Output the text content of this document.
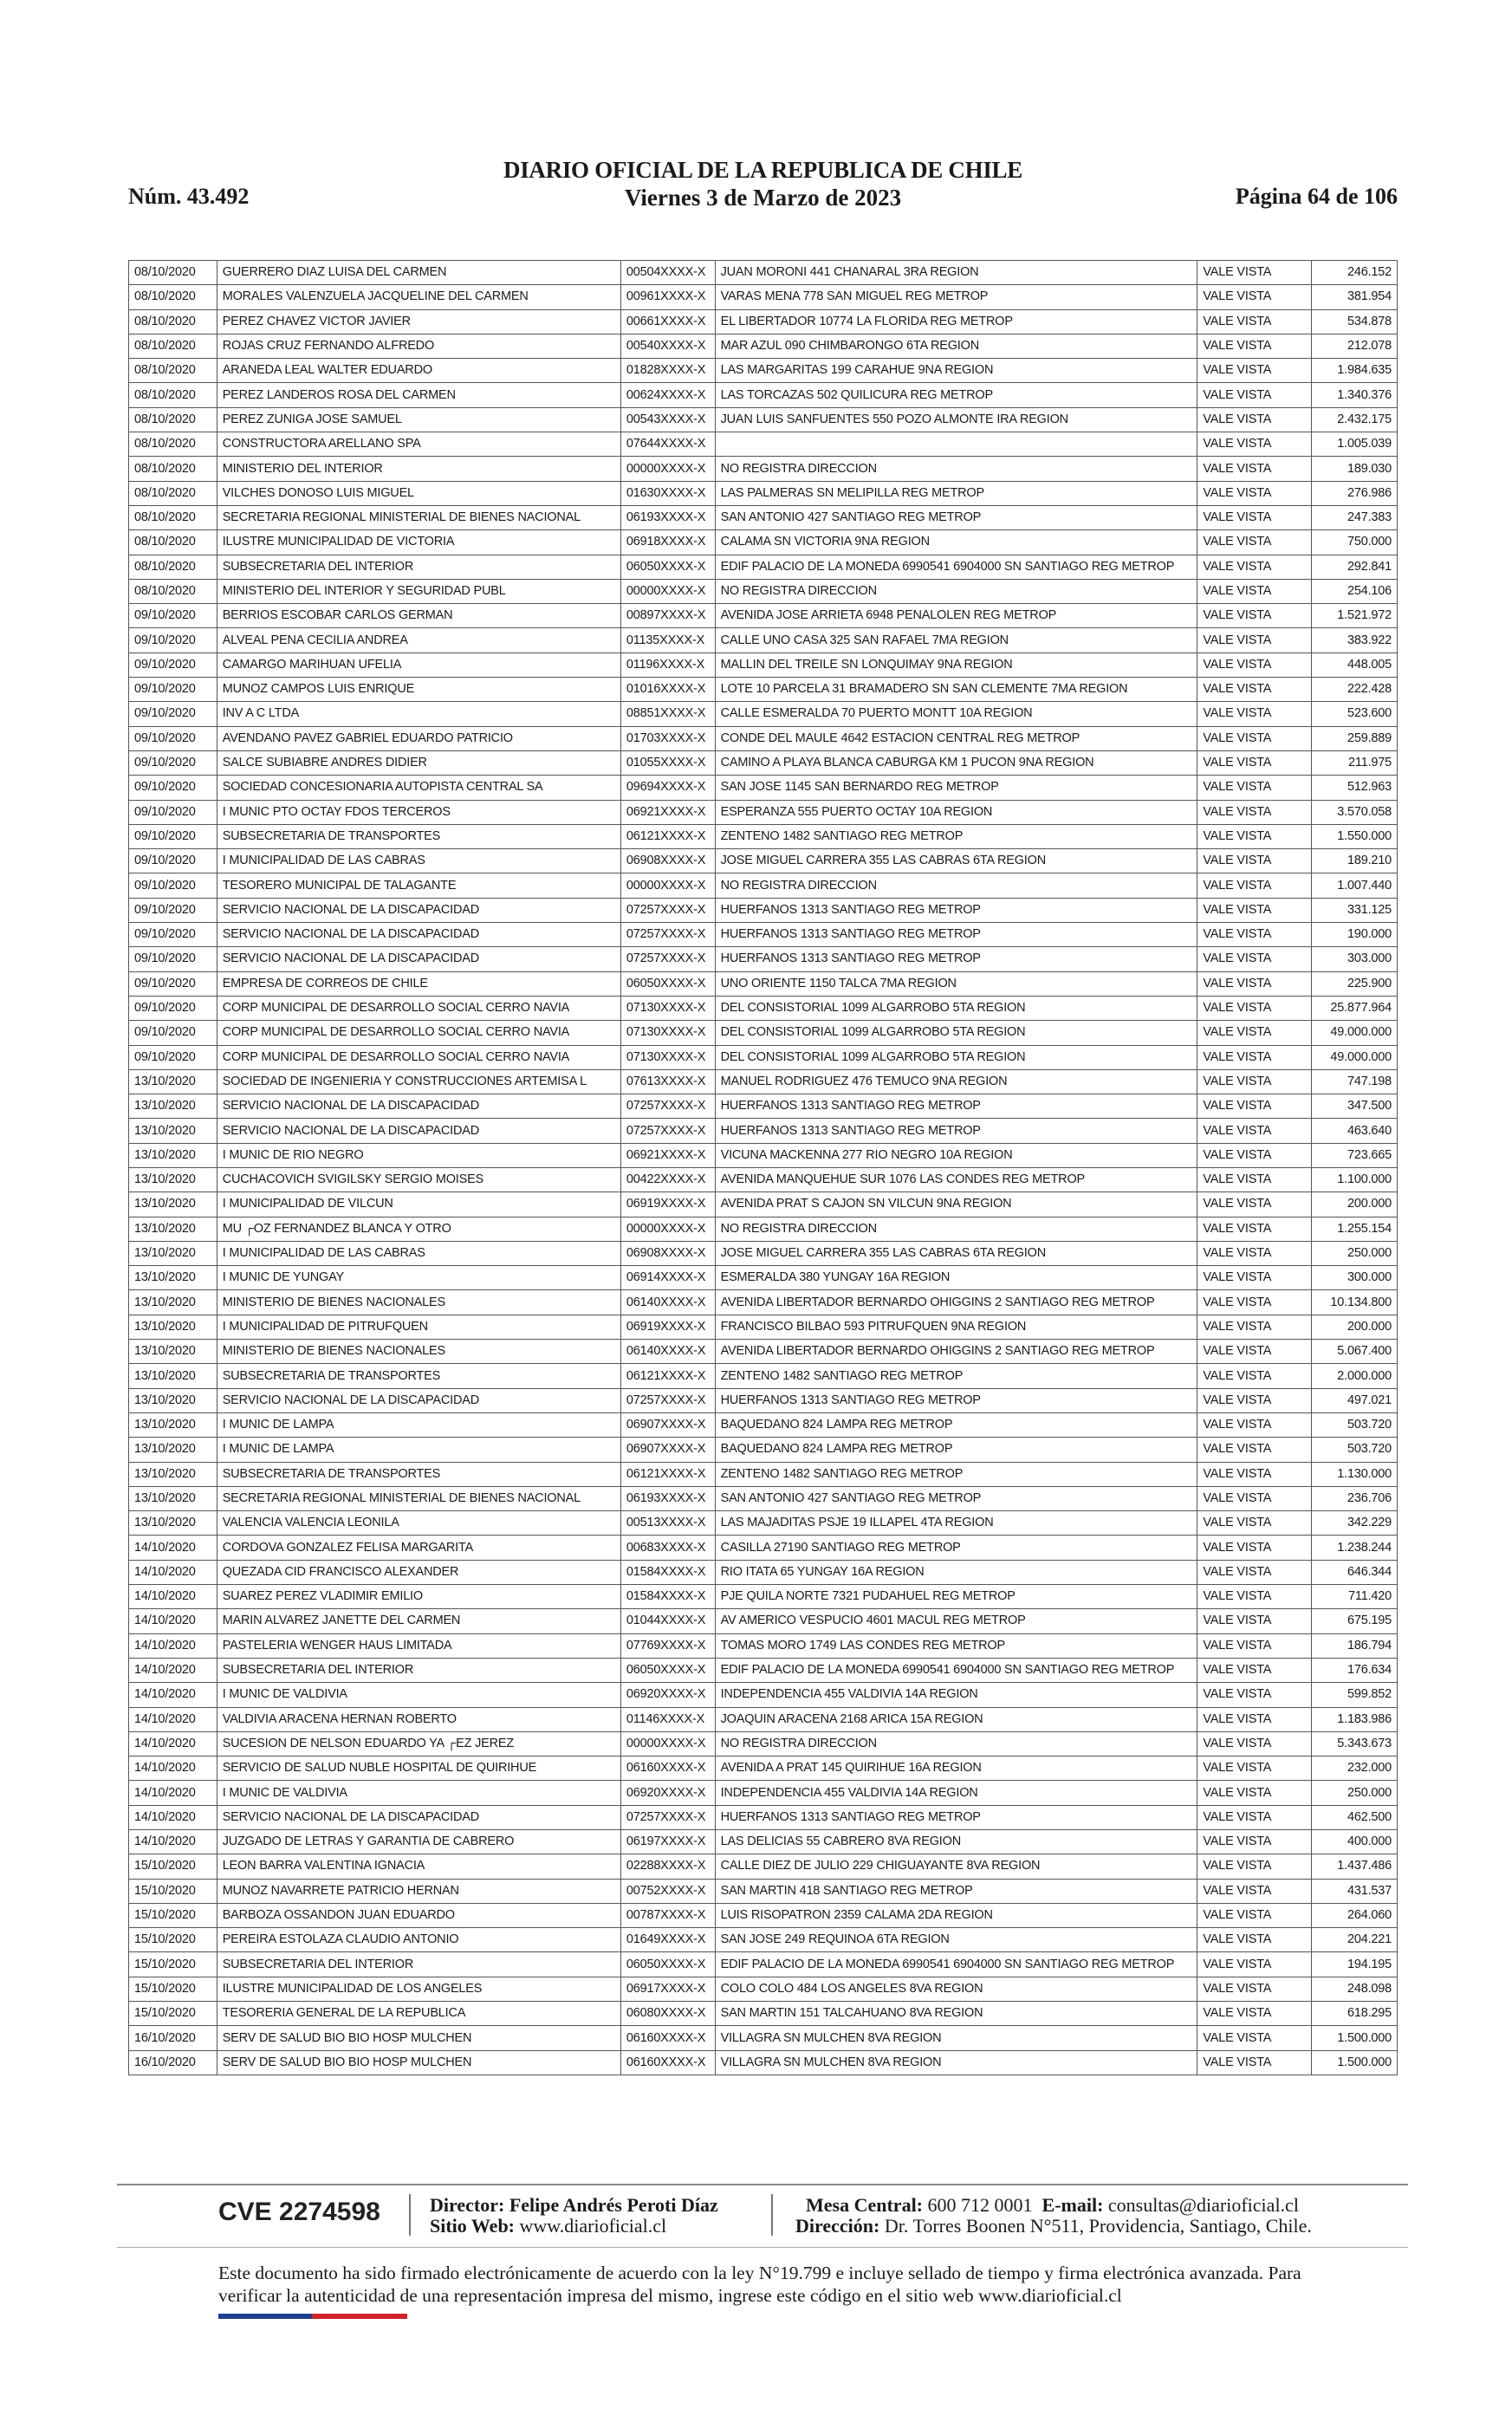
Núm. 43.492
DIARIO OFICIAL DE LA REPUBLICA DE CHILE
Viernes 3 de Marzo de 2023	Página 64 de 106
08/10/2020	GUERRERO DIAZ LUISA DEL CARMEN	00504XXXX-X	JUAN MORONI 441 CHANARAL 3RA REGION	VALE VISTA	246.152
08/10/2020	MORALES VALENZUELA JACQUELINE DEL CARMEN	00961XXXX-X	VARAS MENA 778 SAN MIGUEL REG METROP	VALE VISTA	381.954
08/10/2020	PEREZ CHAVEZ VICTOR JAVIER	00661XXXX-X	EL LIBERTADOR 10774 LA FLORIDA REG METROP	VALE VISTA	534.878
08/10/2020	ROJAS CRUZ FERNANDO ALFREDO	00540XXXX-X	MAR AZUL 090 CHIMBARONGO 6TA REGION	VALE VISTA	212.078
08/10/2020	ARANEDA LEAL WALTER EDUARDO	01828XXXX-X	LAS MARGARITAS 199 CARAHUE 9NA REGION	VALE VISTA	1.984.635
08/10/2020	PEREZ LANDEROS ROSA DEL CARMEN	00624XXXX-X	LAS TORCAZAS 502 QUILICURA REG METROP	VALE VISTA	1.340.376
08/10/2020	PEREZ ZUNIGA JOSE SAMUEL	00543XXXX-X	JUAN LUIS SANFUENTES 550 POZO ALMONTE IRA REGION	VALE VISTA	2.432.175
08/10/2020	CONSTRUCTORA ARELLANO SPA	07644XXXX-X		VALE VISTA	1.005.039
08/10/2020	MINISTERIO DEL INTERIOR	00000XXXX-X	NO REGISTRA DIRECCION	VALE VISTA	189.030
08/10/2020	VILCHES DONOSO LUIS MIGUEL	01630XXXX-X	LAS PALMERAS SN MELIPILLA REG METROP	VALE VISTA	276.986
08/10/2020	SECRETARIA REGIONAL MINISTERIAL DE BIENES NACIONAL	06193XXXX-X	SAN ANTONIO 427 SANTIAGO REG METROP	VALE VISTA	247.383
08/10/2020	ILUSTRE MUNICIPALIDAD DE VICTORIA	06918XXXX-X	CALAMA SN VICTORIA 9NA REGION	VALE VISTA	750.000
08/10/2020	SUBSECRETARIA DEL INTERIOR	06050XXXX-X	EDIF PALACIO DE LA MONEDA 6990541 6904000 SN SANTIAGO REG METROP	VALE VISTA	292.841
08/10/2020	MINISTERIO DEL INTERIOR Y SEGURIDAD PUBL	00000XXXX-X	NO REGISTRA DIRECCION	VALE VISTA	254.106
09/10/2020	BERRIOS ESCOBAR CARLOS GERMAN	00897XXXX-X	AVENIDA JOSE ARRIETA 6948 PENALOLEN REG METROP	VALE VISTA	1.521.972
09/10/2020	ALVEAL PENA CECILIA ANDREA	01135XXXX-X	CALLE UNO CASA 325 SAN RAFAEL 7MA REGION	VALE VISTA	383.922
09/10/2020	CAMARGO MARIHUAN UFELIA	01196XXXX-X	MALLIN DEL TREILE SN LONQUIMAY 9NA REGION	VALE VISTA	448.005
09/10/2020	MUNOZ CAMPOS LUIS ENRIQUE	01016XXXX-X	LOTE 10 PARCELA 31 BRAMADERO SN SAN CLEMENTE 7MA REGION	VALE VISTA	222.428
09/10/2020	INV A C LTDA	08851XXXX-X	CALLE ESMERALDA 70 PUERTO MONTT 10A REGION	VALE VISTA	523.600
09/10/2020	AVENDANO PAVEZ GABRIEL EDUARDO PATRICIO	01703XXXX-X	CONDE DEL MAULE 4642 ESTACION CENTRAL REG METROP	VALE VISTA	259.889
09/10/2020	SALCE SUBIABRE ANDRES DIDIER	01055XXXX-X	CAMINO A PLAYA BLANCA CABURGA KM 1 PUCON 9NA REGION	VALE VISTA	211.975
09/10/2020	SOCIEDAD CONCESIONARIA AUTOPISTA CENTRAL SA	09694XXXX-X	SAN JOSE 1145 SAN BERNARDO REG METROP	VALE VISTA	512.963
09/10/2020	I MUNIC PTO OCTAY FDOS TERCEROS	06921XXXX-X	ESPERANZA 555 PUERTO OCTAY 10A REGION	VALE VISTA	3.570.058
09/10/2020	SUBSECRETARIA DE TRANSPORTES	06121XXXX-X	ZENTENO 1482 SANTIAGO REG METROP	VALE VISTA	1.550.000
09/10/2020	I MUNICIPALIDAD DE LAS CABRAS	06908XXXX-X	JOSE MIGUEL CARRERA 355 LAS CABRAS 6TA REGION	VALE VISTA	189.210
09/10/2020	TESORERO MUNICIPAL DE TALAGANTE	00000XXXX-X	NO REGISTRA DIRECCION	VALE VISTA	1.007.440
09/10/2020	SERVICIO NACIONAL DE LA DISCAPACIDAD	07257XXXX-X	HUERFANOS 1313 SANTIAGO REG METROP	VALE VISTA	331.125
09/10/2020	SERVICIO NACIONAL DE LA DISCAPACIDAD	07257XXXX-X	HUERFANOS 1313 SANTIAGO REG METROP	VALE VISTA	190.000
09/10/2020	SERVICIO NACIONAL DE LA DISCAPACIDAD	07257XXXX-X	HUERFANOS 1313 SANTIAGO REG METROP	VALE VISTA	303.000
09/10/2020	EMPRESA DE CORREOS DE CHILE	06050XXXX-X	UNO ORIENTE 1150 TALCA 7MA REGION	VALE VISTA	225.900
09/10/2020	CORP MUNICIPAL DE DESARROLLO SOCIAL CERRO NAVIA	07130XXXX-X	DEL CONSISTORIAL 1099 ALGARROBO 5TA REGION	VALE VISTA	25.877.964
09/10/2020	CORP MUNICIPAL DE DESARROLLO SOCIAL CERRO NAVIA	07130XXXX-X	DEL CONSISTORIAL 1099 ALGARROBO 5TA REGION	VALE VISTA	49.000.000
09/10/2020	CORP MUNICIPAL DE DESARROLLO SOCIAL CERRO NAVIA	07130XXXX-X	DEL CONSISTORIAL 1099 ALGARROBO 5TA REGION	VALE VISTA	49.000.000
13/10/2020	SOCIEDAD DE INGENIERIA Y CONSTRUCCIONES ARTEMISA L	07613XXXX-X	MANUEL RODRIGUEZ 476 TEMUCO 9NA REGION	VALE VISTA	747.198
13/10/2020	SERVICIO NACIONAL DE LA DISCAPACIDAD	07257XXXX-X	HUERFANOS 1313 SANTIAGO REG METROP	VALE VISTA	347.500
13/10/2020	SERVICIO NACIONAL DE LA DISCAPACIDAD	07257XXXX-X	HUERFANOS 1313 SANTIAGO REG METROP	VALE VISTA	463.640
13/10/2020	I MUNIC DE RIO NEGRO	06921XXXX-X	VICUNA MACKENNA 277 RIO NEGRO 10A REGION	VALE VISTA	723.665
13/10/2020	CUCHACOVICH SVIGILSKY SERGIO MOISES	00422XXXX-X	AVENIDA MANQUEHUE SUR 1076 LAS CONDES REG METROP	VALE VISTA	1.100.000
13/10/2020	I MUNICIPALIDAD DE VILCUN	06919XXXX-X	AVENIDA PRAT S CAJON SN VILCUN 9NA REGION	VALE VISTA	200.000
13/10/2020	MU ┌OZ FERNANDEZ BLANCA Y OTRO	00000XXXX-X	NO REGISTRA DIRECCION	VALE VISTA	1.255.154
13/10/2020	I MUNICIPALIDAD DE LAS CABRAS	06908XXXX-X	JOSE MIGUEL CARRERA 355 LAS CABRAS 6TA REGION	VALE VISTA	250.000
13/10/2020	I MUNIC DE YUNGAY	06914XXXX-X	ESMERALDA 380 YUNGAY 16A REGION	VALE VISTA	300.000
13/10/2020	MINISTERIO DE BIENES NACIONALES	06140XXXX-X	AVENIDA LIBERTADOR BERNARDO OHIGGINS 2 SANTIAGO REG METROP	VALE VISTA	10.134.800
13/10/2020	I MUNICIPALIDAD DE PITRUFQUEN	06919XXXX-X	FRANCISCO BILBAO 593 PITRUFQUEN 9NA REGION	VALE VISTA	200.000
13/10/2020	MINISTERIO DE BIENES NACIONALES	06140XXXX-X	AVENIDA LIBERTADOR BERNARDO OHIGGINS 2 SANTIAGO REG METROP	VALE VISTA	5.067.400
13/10/2020	SUBSECRETARIA DE TRANSPORTES	06121XXXX-X	ZENTENO 1482 SANTIAGO REG METROP	VALE VISTA	2.000.000
13/10/2020	SERVICIO NACIONAL DE LA DISCAPACIDAD	07257XXXX-X	HUERFANOS 1313 SANTIAGO REG METROP	VALE VISTA	497.021
13/10/2020	I MUNIC DE LAMPA	06907XXXX-X	BAQUEDANO 824 LAMPA REG METROP	VALE VISTA	503.720
13/10/2020	I MUNIC DE LAMPA	06907XXXX-X	BAQUEDANO 824 LAMPA REG METROP	VALE VISTA	503.720
13/10/2020	SUBSECRETARIA DE TRANSPORTES	06121XXXX-X	ZENTENO 1482 SANTIAGO REG METROP	VALE VISTA	1.130.000
13/10/2020	SECRETARIA REGIONAL MINISTERIAL DE BIENES NACIONAL	06193XXXX-X	SAN ANTONIO 427 SANTIAGO REG METROP	VALE VISTA	236.706
13/10/2020	VALENCIA VALENCIA LEONILA	00513XXXX-X	LAS MAJADITAS PSJE 19 ILLAPEL 4TA REGION	VALE VISTA	342.229
14/10/2020	CORDOVA GONZALEZ FELISA MARGARITA	00683XXXX-X	CASILLA 27190 SANTIAGO REG METROP	VALE VISTA	1.238.244
14/10/2020	QUEZADA CID FRANCISCO ALEXANDER	01584XXXX-X	RIO ITATA 65 YUNGAY 16A REGION	VALE VISTA	646.344
14/10/2020	SUAREZ PEREZ VLADIMIR EMILIO	01584XXXX-X	PJE QUILA NORTE 7321 PUDAHUEL REG METROP	VALE VISTA	711.420
14/10/2020	MARIN ALVAREZ JANETTE DEL CARMEN	01044XXXX-X	AV AMERICO VESPUCIO 4601 MACUL REG METROP	VALE VISTA	675.195
14/10/2020	PASTELERIA WENGER HAUS LIMITADA	07769XXXX-X	TOMAS MORO 1749 LAS CONDES REG METROP	VALE VISTA	186.794
14/10/2020	SUBSECRETARIA DEL INTERIOR	06050XXXX-X	EDIF PALACIO DE LA MONEDA 6990541 6904000 SN SANTIAGO REG METROP	VALE VISTA	176.634
14/10/2020	I MUNIC DE VALDIVIA	06920XXXX-X	INDEPENDENCIA 455 VALDIVIA 14A REGION	VALE VISTA	599.852
14/10/2020	VALDIVIA ARACENA HERNAN ROBERTO	01146XXXX-X	JOAQUIN ARACENA 2168 ARICA 15A REGION	VALE VISTA	1.183.986
14/10/2020	SUCESION DE NELSON EDUARDO YA ┌EZ JEREZ	00000XXXX-X	NO REGISTRA DIRECCION	VALE VISTA	5.343.673
14/10/2020	SERVICIO DE SALUD NUBLE HOSPITAL DE QUIRIHUE	06160XXXX-X	AVENIDA A PRAT 145 QUIRIHUE 16A REGION	VALE VISTA	232.000
14/10/2020	I MUNIC DE VALDIVIA	06920XXXX-X	INDEPENDENCIA 455 VALDIVIA 14A REGION	VALE VISTA	250.000
14/10/2020	SERVICIO NACIONAL DE LA DISCAPACIDAD	07257XXXX-X	HUERFANOS 1313 SANTIAGO REG METROP	VALE VISTA	462.500
14/10/2020	JUZGADO DE LETRAS Y GARANTIA DE CABRERO	06197XXXX-X	LAS DELICIAS 55 CABRERO 8VA REGION	VALE VISTA	400.000
15/10/2020	LEON BARRA VALENTINA IGNACIA	02288XXXX-X	CALLE DIEZ DE JULIO 229 CHIGUAYANTE 8VA REGION	VALE VISTA	1.437.486
15/10/2020	MUNOZ NAVARRETE PATRICIO HERNAN	00752XXXX-X	SAN MARTIN 418 SANTIAGO REG METROP	VALE VISTA	431.537
15/10/2020	BARBOZA OSSANDON JUAN EDUARDO	00787XXXX-X	LUIS RISOPATRON 2359 CALAMA 2DA REGION	VALE VISTA	264.060
15/10/2020	PEREIRA ESTOLAZA CLAUDIO ANTONIO	01649XXXX-X	SAN JOSE 249 REQUINOA 6TA REGION	VALE VISTA	204.221
15/10/2020	SUBSECRETARIA DEL INTERIOR	06050XXXX-X	EDIF PALACIO DE LA MONEDA 6990541 6904000 SN SANTIAGO REG METROP	VALE VISTA	194.195
15/10/2020	ILUSTRE MUNICIPALIDAD DE LOS ANGELES	06917XXXX-X	COLO COLO 484 LOS ANGELES 8VA REGION	VALE VISTA	248.098
15/10/2020	TESORERIA GENERAL DE LA REPUBLICA	06080XXXX-X	SAN MARTIN 151 TALCAHUANO 8VA REGION	VALE VISTA	618.295
16/10/2020	SERV DE SALUD BIO BIO HOSP MULCHEN	06160XXXX-X	VILLAGRA SN MULCHEN 8VA REGION	VALE VISTA	1.500.000
16/10/2020	SERV DE SALUD BIO BIO HOSP MULCHEN	06160XXXX-X	VILLAGRA SN MULCHEN 8VA REGION	VALE VISTA	1.500.000
CVE 2274598	Director: Felipe Andrés Peroti Díaz
Sitio Web: www.diarioficial.cl
Mesa Central: 600 712 0001 E-mail: consultas@diarioficial.cl
Dirección: Dr. Torres Boonen N°511, Providencia, Santiago, Chile.
Este documento ha sido firmado electrónicamente de acuerdo con la ley N°19.799 e incluye sellado de tiempo y firma electrónica avanzada. Para verificar la autenticidad de una representación impresa del mismo, ingrese este código en el sitio web www.diarioficial.cl
